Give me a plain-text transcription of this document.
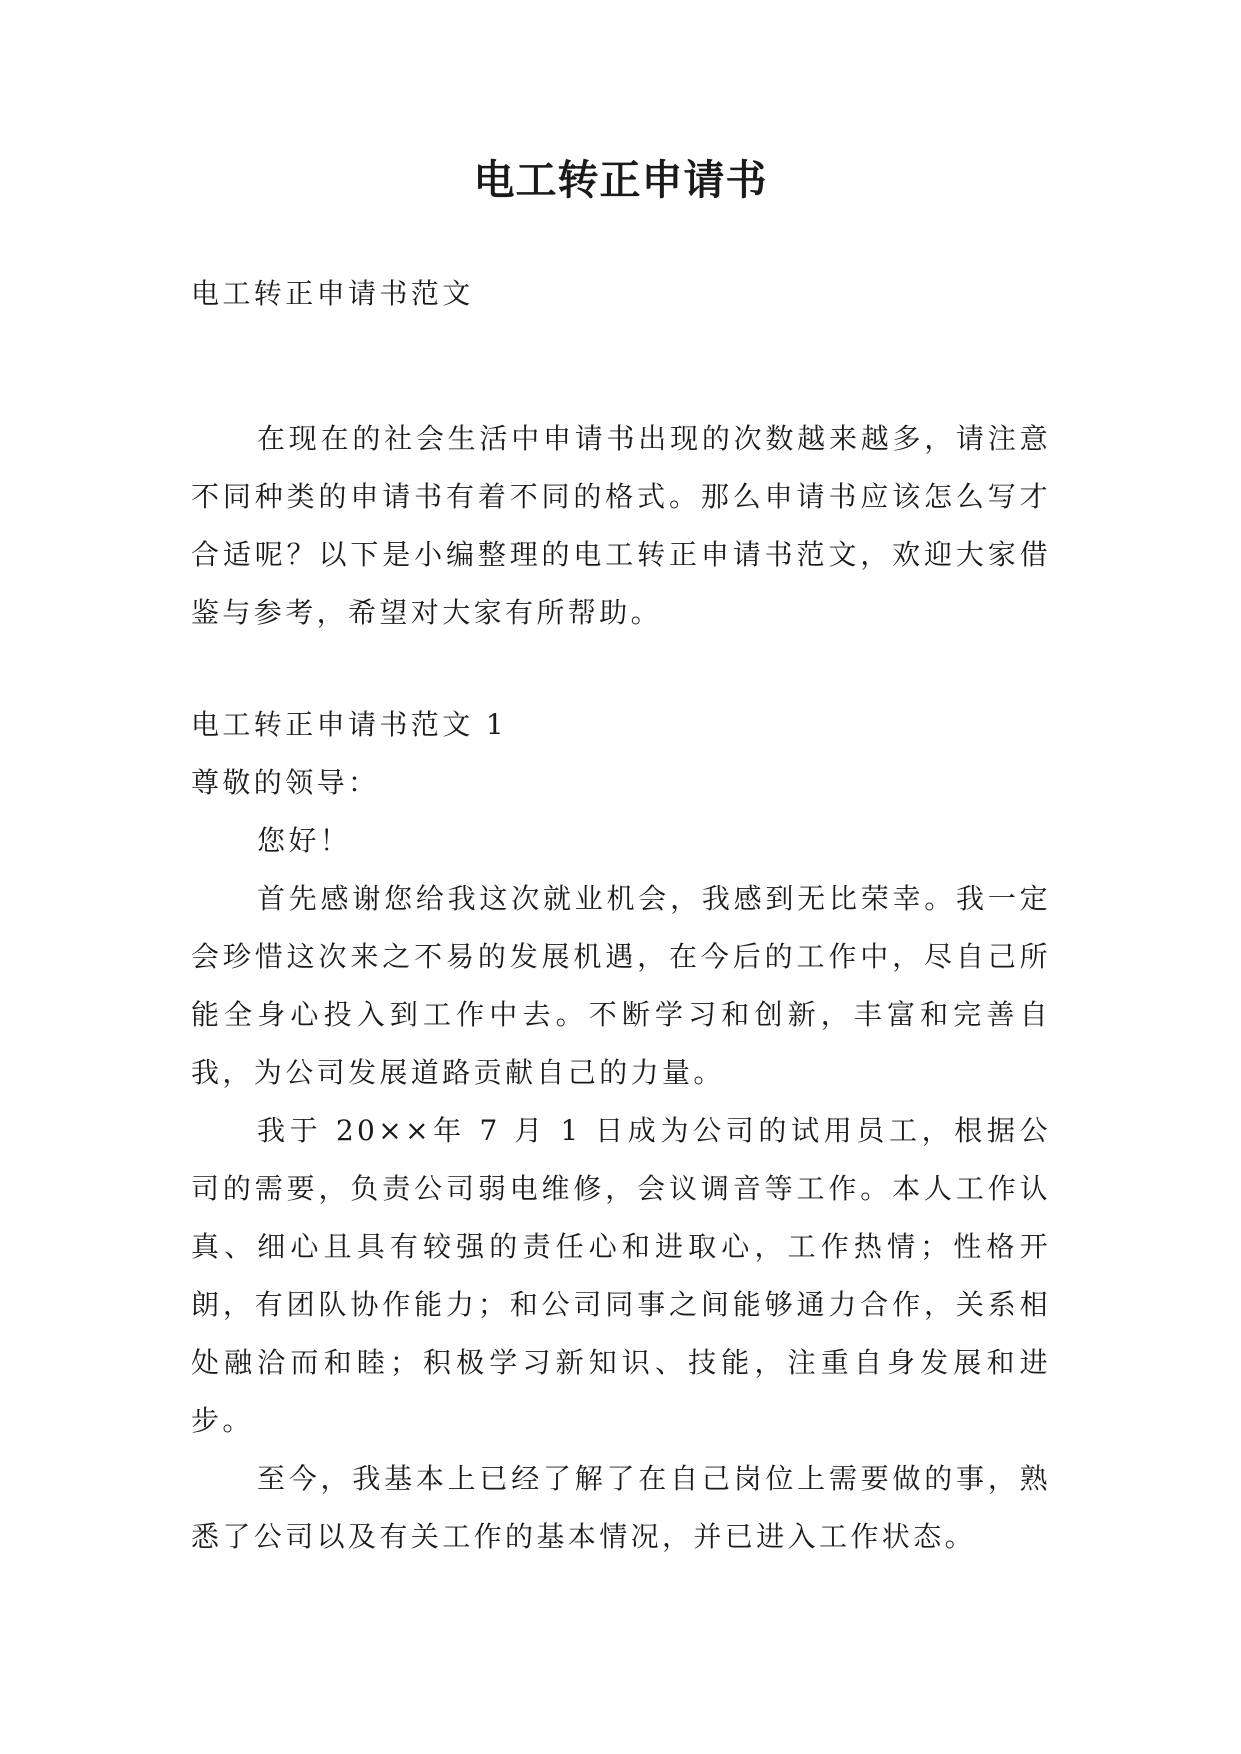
电工转正申请书

电工转正申请书范文

在现在的社会生活中申请书出现的次数越来越多，请注意不同种类的申请书有着不同的格式。那么申请书应该怎么写才合适呢？以下是小编整理的电工转正申请书范文，欢迎大家借鉴与参考，希望对大家有所帮助。

电工转正申请书范文 1

尊敬的领导：

您好！

首先感谢您给我这次就业机会，我感到无比荣幸。我一定会珍惜这次来之不易的发展机遇，在今后的工作中，尽自己所能全身心投入到工作中去。不断学习和创新，丰富和完善自我，为公司发展道路贡献自己的力量。

我于 20××年 7 月 1 日成为公司的试用员工，根据公司的需要，负责公司弱电维修，会议调音等工作。本人工作认真、细心且具有较强的责任心和进取心，工作热情；性格开朗，有团队协作能力；和公司同事之间能够通力合作，关系相处融洽而和睦；积极学习新知识、技能，注重自身发展和进步。

至今，我基本上已经了解了在自己岗位上需要做的事，熟悉了公司以及有关工作的基本情况，并已进入工作状态。
